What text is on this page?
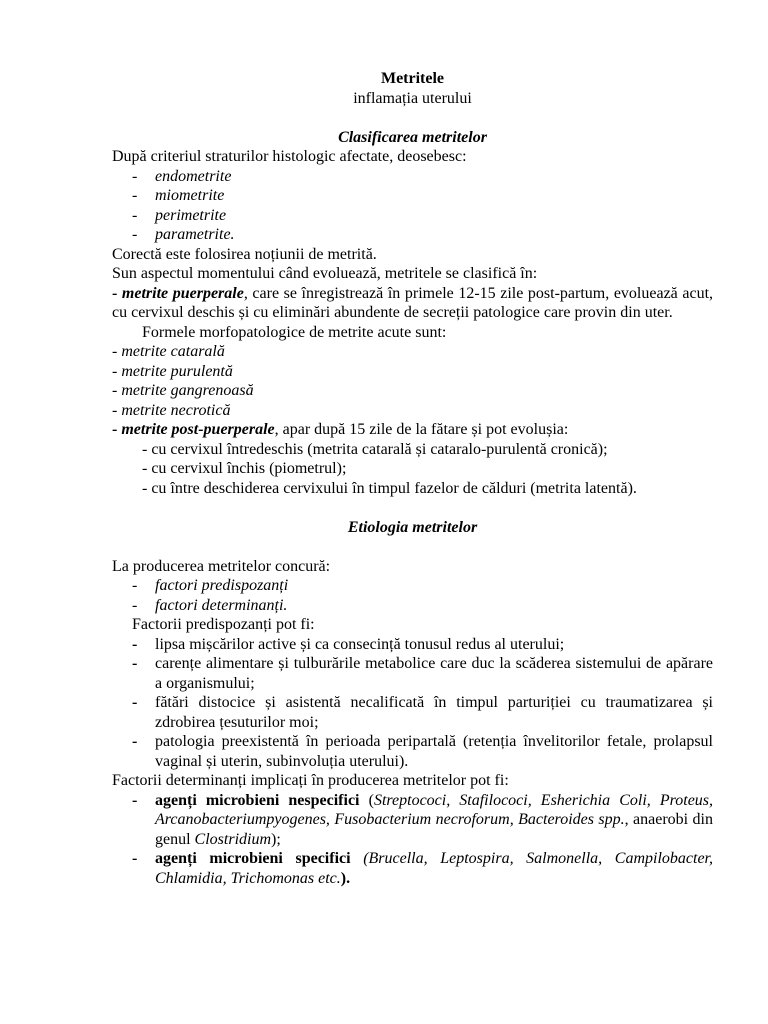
Metritele
inflamația uterului
Clasificarea metritelor
După criteriul straturilor histologic afectate, deosebesc:
- endometrite
- miometrite
- perimetrite
- parametrite.
Corectă este folosirea noțiunii de metrită.
Sun aspectul momentului când evoluează, metritele se clasifică în:
- metrite puerperale, care se înregistrează în primele 12-15 zile post-partum, evoluează acut, cu cervixul deschis și cu eliminări abundente de secreții patologice care provin din uter.
Formele morfopatologice de metrite acute sunt:
- metrite catarală
- metrite purulentă
- metrite gangrenoasă
- metrite necrotică
- metrite post-puerperale, apar după 15 zile de la fătare și pot evolușia:
- cu cervixul întredeschis (metrita catarală și cataralo-purulentă cronică);
- cu cervixul închis (piometrul);
- cu între deschiderea cervixului în timpul fazelor de călduri (metrita latentă).
Etiologia metritelor
La producerea metritelor concură:
- factori predispozanți
- factori determinanți.
Factorii predispozanți pot fi:
- lipsa mișcărilor active și ca consecință tonusul redus al uterului;
- carențe alimentare și tulburările metabolice care duc la scăderea sistemului de apărare a organismului;
- fătări distocice și asistentă necalificată în timpul parturiției cu traumatizarea și zdrobirea țesuturilor moi;
- patologia preexistentă în perioada peripartală (retenția învelitorilor fetale, prolapsul vaginal și uterin, subinvoluția uterului).
Factorii determinanți implicați în producerea metritelor pot fi:
- agenți microbieni nespecifici (Streptococi, Stafilococi, Esherichia Coli, Proteus, Arcanobacteriumpyogenes, Fusobacterium necroforum, Bacteroides spp., anaerobi din genul Clostridium);
- agenți microbieni specifici (Brucella, Leptospira, Salmonella, Campilobacter, Chlamidia, Trichomonas etc.).
